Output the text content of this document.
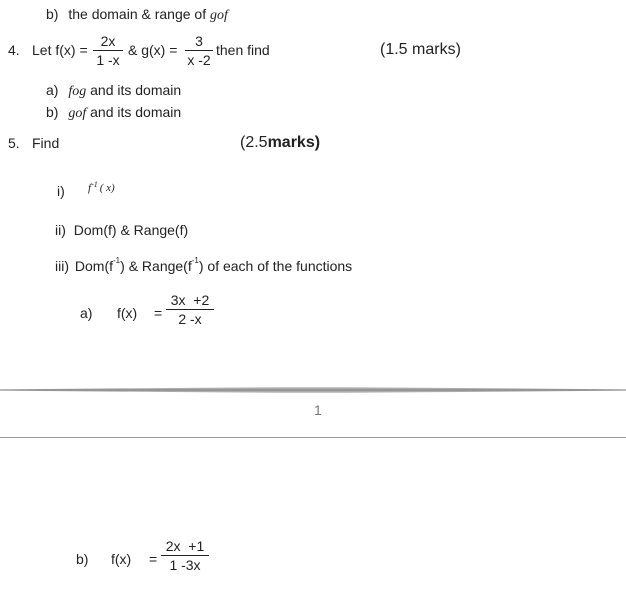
b) the domain & range of gof
4. Let f(x) =
2x
1 -x
& g(x) =
3
x -2
then find	(1.5 marks)
a) fog and its domain
b) gof and its domain
5. Find	(2.5marks)
i) $f^{-1}$ ( x)
ii) Dom(f) & Range(f)
iii) $Dom(f^{-1})$ & $Range(f^{-1})$ of each of the functions
a) f(x) =
3x  +2
2 -x
1
b) f(x) =
2x  +1
1 -3x
